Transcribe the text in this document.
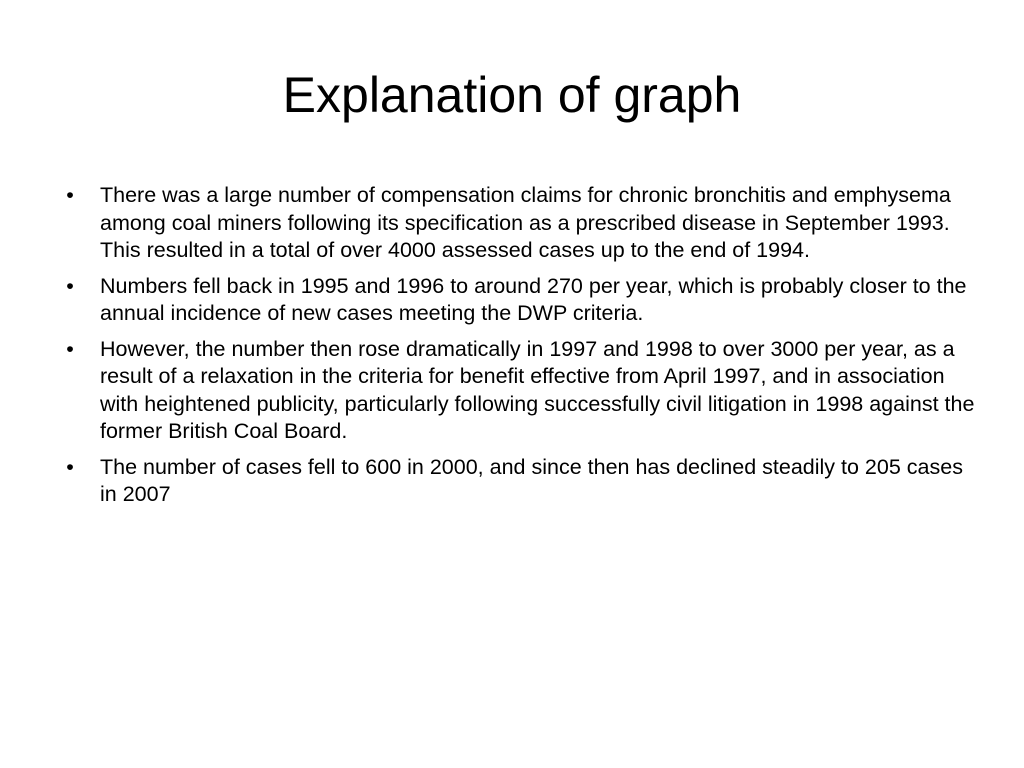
Explanation of graph
• There was a large number of compensation claims for chronic bronchitis and emphysema among coal miners following its specification as a prescribed disease in September 1993. This resulted in a total of over 4000 assessed cases up to the end of 1994.
• Numbers fell back in 1995 and 1996 to around 270 per year, which is probably closer to the annual incidence of new cases meeting the DWP criteria.
• However, the number then rose dramatically in 1997 and 1998 to over 3000 per year, as a result of a relaxation in the criteria for benefit effective from April 1997, and in association with heightened publicity, particularly following successfully civil litigation in 1998 against the former British Coal Board.
• The number of cases fell to 600 in 2000, and since then has declined steadily to 205 cases in 2007
